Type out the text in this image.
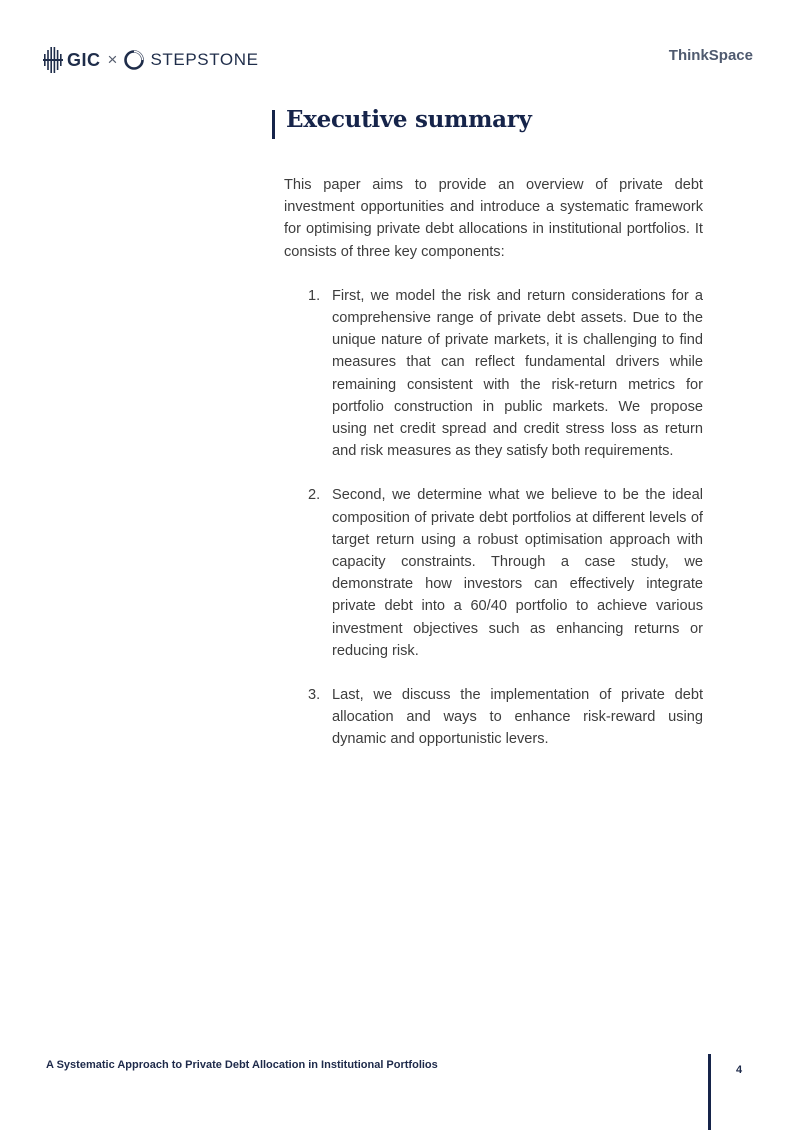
GIC × STEPSTONE	ThinkSpace
Executive summary

This paper aims to provide an overview of private debt investment opportunities and introduce a systematic framework for optimising private debt allocations in institutional portfolios. It consists of three key components:

1. First, we model the risk and return considerations for a comprehensive range of private debt assets. Due to the unique nature of private markets, it is challenging to find measures that can reflect fundamental drivers while remaining consistent with the risk-return metrics for portfolio construction in public markets. We propose using net credit spread and credit stress loss as return and risk measures as they satisfy both requirements.
2. Second, we determine what we believe to be the ideal composition of private debt portfolios at different levels of target return using a robust optimisation approach with capacity constraints. Through a case study, we demonstrate how investors can effectively integrate private debt into a 60/40 portfolio to achieve various investment objectives such as enhancing returns or reducing risk.
3. Last, we discuss the implementation of private debt allocation and ways to enhance risk-reward using dynamic and opportunistic levers.
A Systematic Approach to Private Debt Allocation in Institutional Portfolios	4
